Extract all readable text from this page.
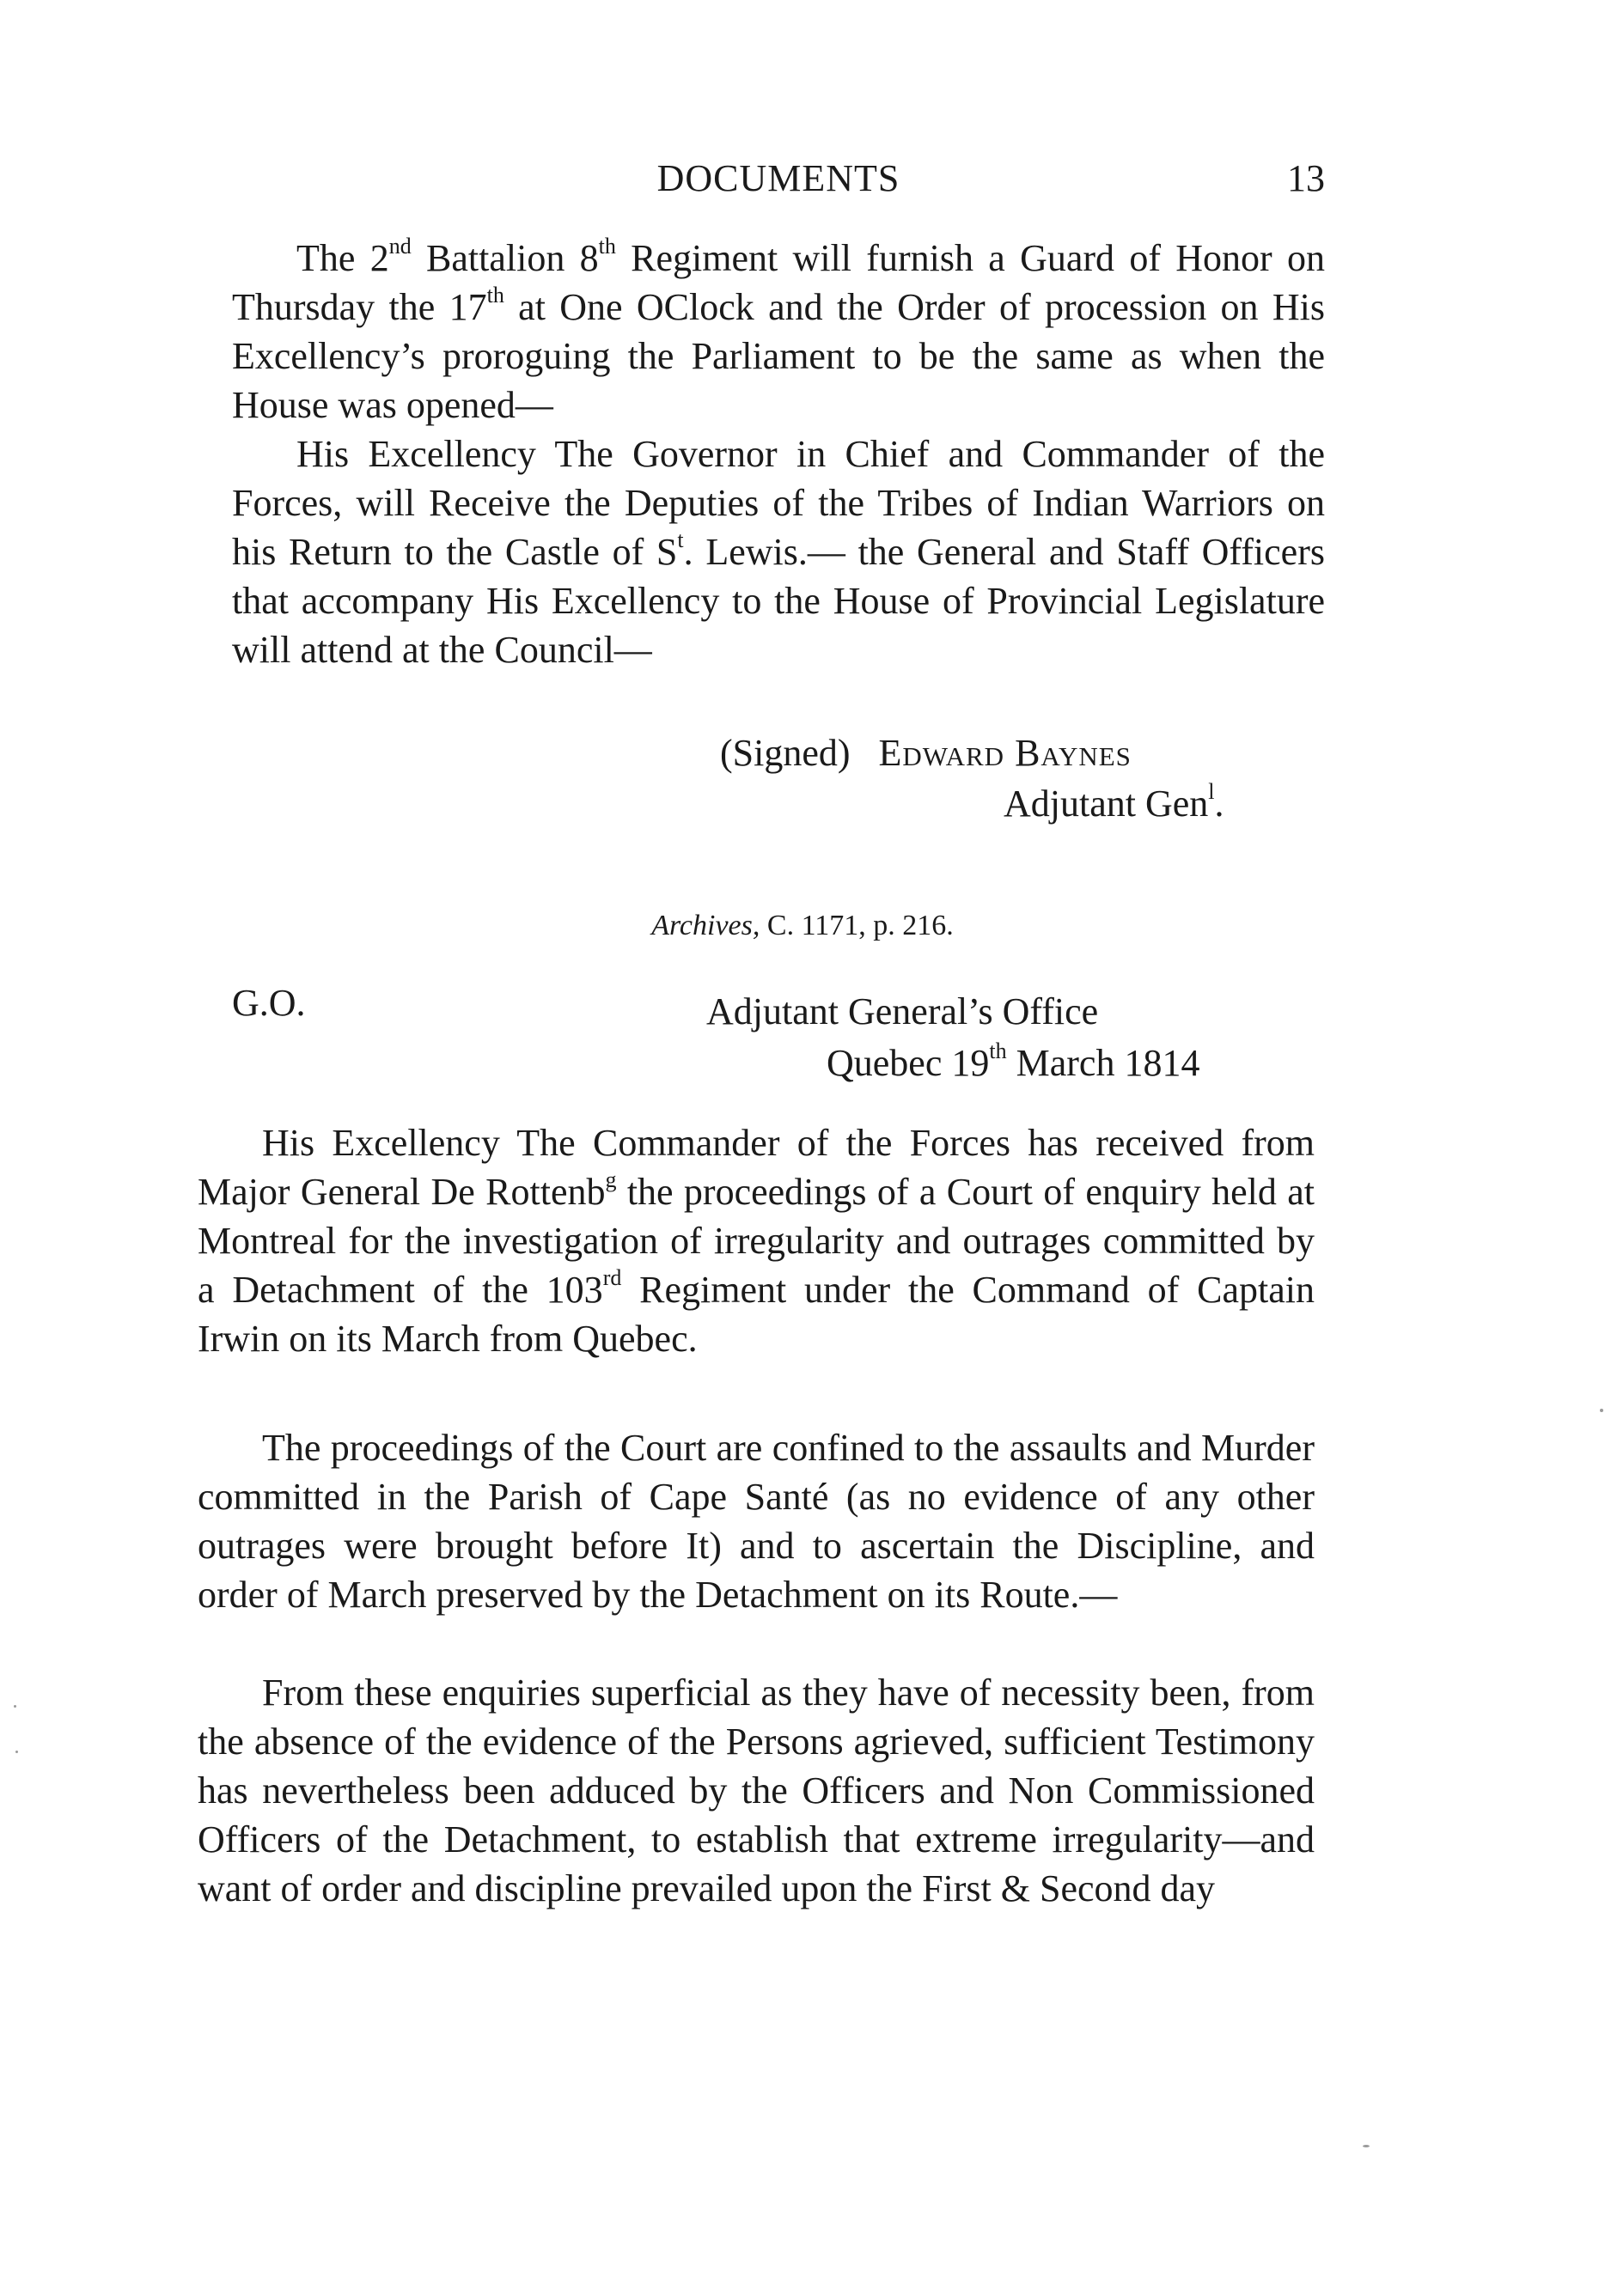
DOCUMENTS	13

The 2nd Battalion 8th Regiment will furnish a Guard of Honor on Thursday the 17th at One OClock and the Order of procession on His Excellency’s proroguing the Parliament to be the same as when the House was opened—

His Excellency The Governor in Chief and Commander of the Forces, will Receive the Deputies of the Tribes of Indian Warriors on his Return to the Castle of $S^t$. Lewis.— the General and Staff Officers that accompany His Excellency to the House of Provincial Legislature will attend at the Council—

(Signed) Edward Baynes
Adjutant Gen$^l$.
Archives, C. 1171, p. 216.
G.O.	Adjutant General’s Office
Quebec 19th March 1814

His Excellency The Commander of the Forces has received from Major General De Rottenb$^g$ the proceedings of a Court of enquiry held at Montreal for the investigation of irregularity and outrages committed by a Detachment of the 103rd Regiment under the Command of Captain Irwin on its March from Quebec.

The proceedings of the Court are confined to the assaults and Murder committed in the Parish of Cape Santé (as no evidence of any other outrages were brought before It) and to ascertain the Discipline, and order of March preserved by the Detachment on its Route.—

From these enquiries superficial as they have of necessity been, from the absence of the evidence of the Persons agrieved, sufficient Testimony has nevertheless been adduced by the Officers and Non Commissioned Officers of the Detachment, to establish that extreme irregularity—and want of order and discipline prevailed upon the First & Second day
